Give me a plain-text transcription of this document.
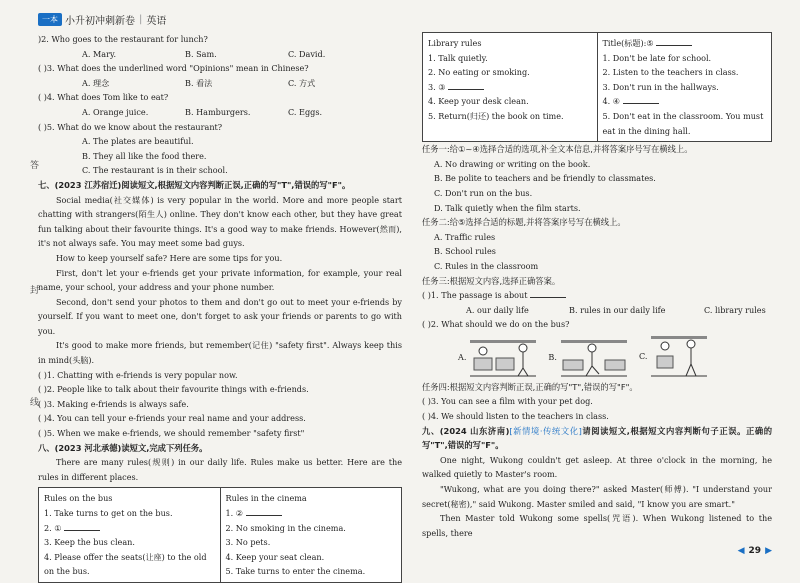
一本 小升初冲刺新卷 | 英语
答
封
线
)2. Who goes to the restaurant for lunch?
A. Mary.	B. Sam.	C. David.
( )3. What does the underlined word "Opinions" mean in Chinese?
A. 理念	B. 看法	C. 方式
( )4. What does Tom like to eat?
A. Orange juice.	B. Hamburgers.	C. Eggs.
( )5. What do we know about the restaurant?
A. The plates are beautiful.
B. They all like the food there.
C. The restaurant is in their school.
七、(2023 江苏宿迁)阅读短文,根据短文内容判断正误,正确的写"T",错误的写"F"。
Social media(社交媒体) is very popular in the world. More and more people start chatting with strangers(陌生人) online. They don't know each other, but they have great fun talking about their favourite things. It's a good way to make friends. However(然而), it's not always safe. You may meet some bad guys.
How to keep yourself safe? Here are some tips for you.
First, don't let your e-friends get your private information, for example, your real name, your school, your address and your phone number.
Second, don't send your photos to them and don't go out to meet your e-friends by yourself. If you want to meet one, don't forget to ask your friends or parents to go with you.
It's good to make more friends, but remember(记住) "safety first". Always keep this in mind(头脑).
( )1. Chatting with e-friends is very popular now.
( )2. People like to talk about their favourite things with e-friends.
( )3. Making e-friends is always safe.
( )4. You can tell your e-friends your real name and your address.
( )5. When we make e-friends, we should remember "safety first"
八、(2023 河北承德)读短文,完成下列任务。
There are many rules(规则) in our daily life. Rules make us better. Here are the rules in different places.
Rules on the bus
1. Take turns to get on the bus.
2. ①
3. Keep the bus clean.
4. Please offer the seats(让座) to the old on the bus.
Rules in the cinema
1. ②
2. No smoking in the cinema.
3. No pets.
4. Keep your seat clean.
5. Take turns to enter the cinema.
Library rules
1. Talk quietly.
2. No eating or smoking.
3. ③
4. Keep your desk clean.
5. Return(归还) the book on time.
Title(标题):⑤
1. Don't be late for school.
2. Listen to the teachers in class.
3. Don't run in the hallways.
4. ④
5. Don't eat in the classroom. You must eat in the dining hall.
任务一:给①~④选择合适的选项,补全文本信息,并将答案序号写在横线上。
A. No drawing or writing on the book.
B. Be polite to teachers and be friendly to classmates.
C. Don't run on the bus.
D. Talk quietly when the film starts.
任务二:给⑤选择合适的标题,并将答案序号写在横线上。
A. Traffic rules
B. School rules
C. Rules in the classroom
任务三:根据短文内容,选择正确答案。
( )1. The passage is about
A. our daily life	B. rules in our daily life	C. library rules
( )2. What should we do on the bus?
A.	B.	C.
任务四:根据短文内容判断正误,正确的写"T",错误的写"F"。
( )3. You can see a film with your pet dog.
( )4. We should listen to the teachers in class.
九、(2024 山东济南)[新情境·传统文化]请阅读短文,根据短文内容判断句子正误。正确的写"T",错误的写"F"。
One night, Wukong couldn't get asleep. At three o'clock in the morning, he walked quietly to Master's room.
"Wukong, what are you doing there?" asked Master(师傅). "I understand your secret(秘密)," said Wukong. Master smiled and said, "I know you are smart."
Then Master told Wukong some spells(咒语). When Wukong listened to the spells, there
◀ 29 ▶
